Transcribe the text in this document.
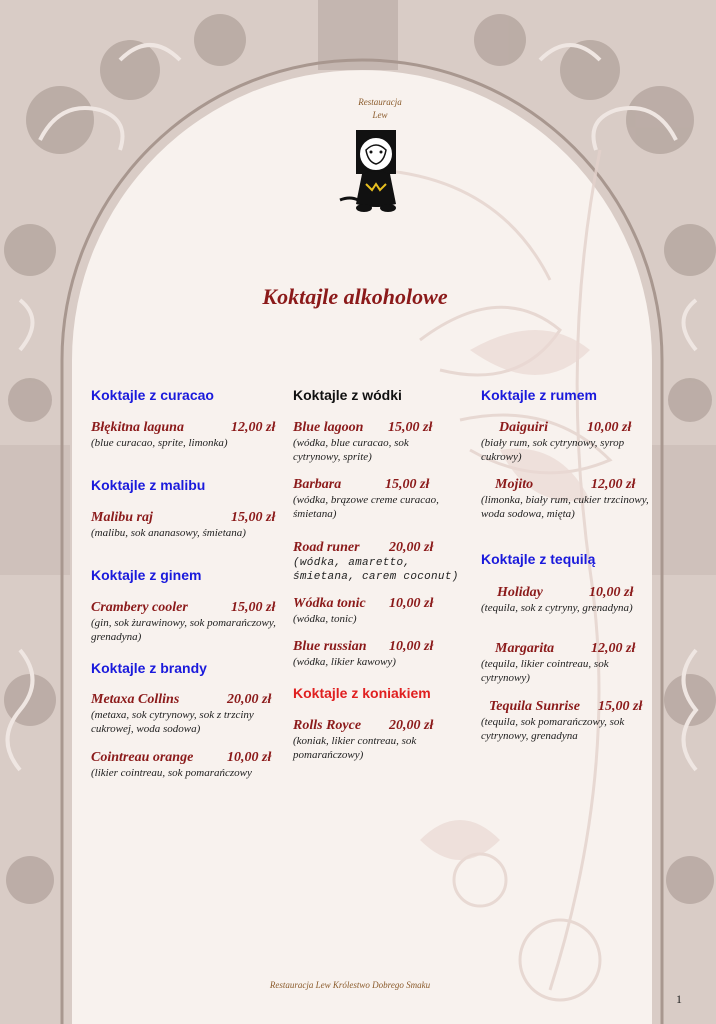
Restauracja
Lew
Koktajle alkoholowe
Koktajle z curacao
Błękitna laguna	12,00 zł
(blue curacao, sprite, limonka)
Koktajle z malibu
Malibu raj	15,00 zł
(malibu, sok ananasowy, śmietana)
Koktajle z ginem
Crambery cooler	15,00 zł
(gin, sok żurawinowy, sok pomarańczowy, grenadyna)
Koktajle z brandy
Metaxa Collins	20,00 zł
(metaxa, sok cytrynowy, sok z trzciny cukrowej, woda sodowa)
Cointreau orange 10,00 zł
(likier cointreau, sok pomarańczowy
Koktajle z wódki
Blue lagoon 15,00 zł
(wódka, blue curacao, sok cytrynowy, sprite)
Barbara	15,00 zł
(wódka, brązowe creme curacao, śmietana)
Road runer 20,00 zł
(wódka, amaretto, śmietana, carem coconut)
Wódka tonic 10,00 zł
(wódka, tonic)
Blue russian 10,00 zł
(wódka, likier kawowy)
Koktajle z koniakiem
Rolls Royce 20,00 zł
(koniak, likier contreau, sok pomarańczowy)
Koktajle z rumem
Daiguiri	10,00 zł
(biały rum, sok cytrynowy, syrop cukrowy)
Mojito	12,00 zł
(limonka, biały rum, cukier trzcinowy, woda sodowa, mięta)
Koktajle z tequilą
Holiday	10,00 zł
(tequila, sok z cytryny, grenadyna)
Margarita	12,00 zł
(tequila, likier cointreau, sok cytrynowy)
Tequila Sunrise 15,00 zł
(tequila, sok pomarańczowy, sok cytrynowy, grenadyna
Restauracja Lew Królestwo Dobrego Smaku
1
